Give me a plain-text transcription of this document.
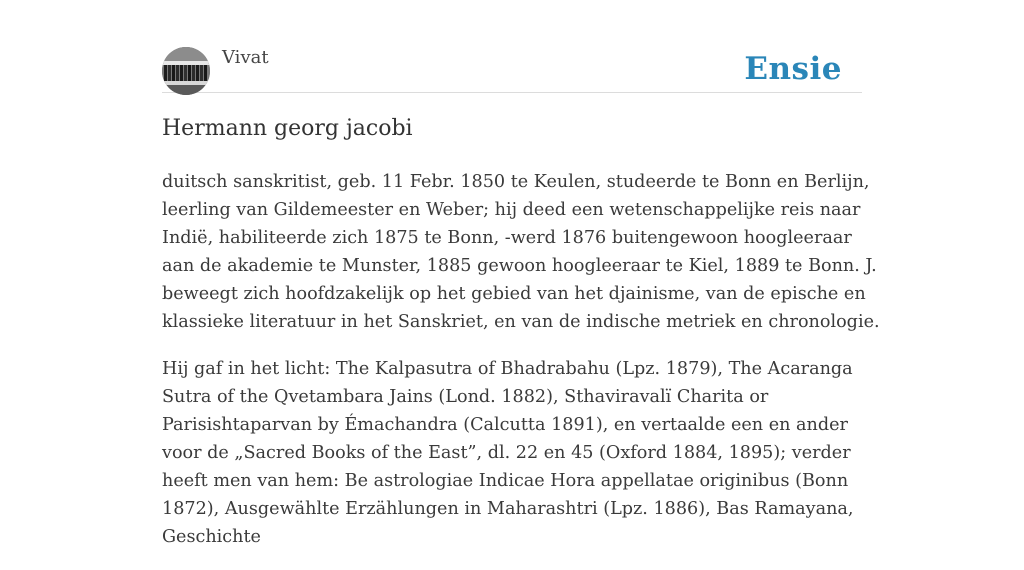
Vivat	Ensie
Hermann georg jacobi

duitsch sanskritist, geb. 11 Febr. 1850 te Keulen, studeerde te Bonn en Berlijn, leerling van Gildemeester en Weber; hij deed een wetenschappelijke reis naar Indië, habiliteerde zich 1875 te Bonn, -werd 1876 buitengewoon hoogleeraar aan de akademie te Munster, 1885 gewoon hoogleeraar te Kiel, 1889 te Bonn. J. beweegt zich hoofdzakelijk op het gebied van het djainisme, van de epische en klassieke literatuur in het Sanskriet, en van de indische metriek en chronologie.

Hij gaf in het licht: The Kalpasutra of Bhadrabahu (Lpz. 1879), The Acaranga Sutra of the Qvetambara Jains (Lond. 1882), Sthaviravalï Charita or Parisishtaparvan by Émachandra (Calcutta 1891), en vertaalde een en ander voor de „Sacred Books of the East”, dl. 22 en 45 (Oxford 1884, 1895); verder heeft men van hem: Be astrologiae Indicae Hora appellatae originibus (Bonn 1872), Ausgewählte Erzählungen in Maharashtri (Lpz. 1886), Bas Ramayana, Geschichte
